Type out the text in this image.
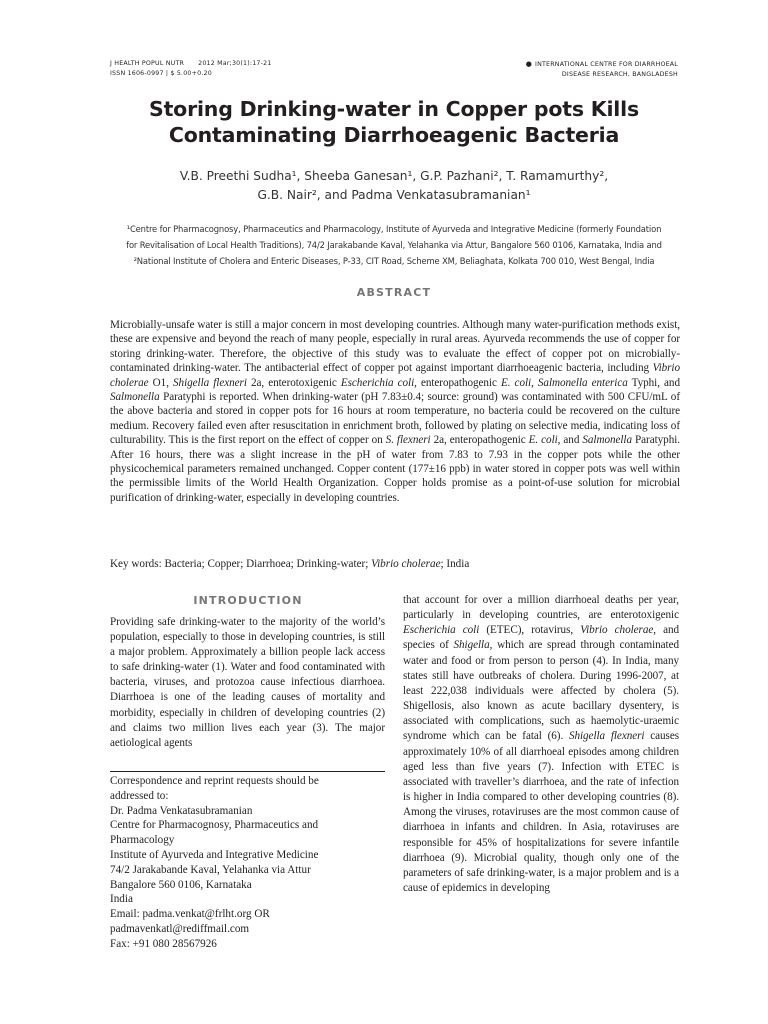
J HEALTH POPUL NUTR 2012 Mar;30(1):17-21
ISSN 1606-0997 | $ 5.00+0.20
● INTERNATIONAL CENTRE FOR DIARRHOEAL
DISEASE RESEARCH, BANGLADESH
Storing Drinking-water in Copper pots Kills
Contaminating Diarrhoeagenic Bacteria
V.B. Preethi Sudha¹, Sheeba Ganesan¹, G.P. Pazhani², T. Ramamurthy²,
G.B. Nair², and Padma Venkatasubramanian¹
¹Centre for Pharmacognosy, Pharmaceutics and Pharmacology, Institute of Ayurveda and Integrative Medicine (formerly Foundation
for Revitalisation of Local Health Traditions), 74/2 Jarakabande Kaval, Yelahanka via Attur, Bangalore 560 0106, Karnataka, India and
²National Institute of Cholera and Enteric Diseases, P-33, CIT Road, Scheme XM, Beliaghata, Kolkata 700 010, West Bengal, India
ABSTRACT

Microbially-unsafe water is still a major concern in most developing countries. Although many water-purification methods exist, these are expensive and beyond the reach of many people, especially in rural areas. Ayurveda recommends the use of copper for storing drinking-water. Therefore, the objective of this study was to evaluate the effect of copper pot on microbially-contaminated drinking-water. The antibacterial effect of copper pot against important diarrhoeagenic bacteria, including Vibrio cholerae O1, Shigella flexneri 2a, enterotoxigenic Escherichia coli, enteropathogenic E. coli, Salmonella enterica Typhi, and Salmonella Paratyphi is reported. When drinking-water (pH 7.83±0.4; source: ground) was contaminated with 500 CFU/mL of the above bacteria and stored in copper pots for 16 hours at room temperature, no bacteria could be recovered on the culture medium. Recovery failed even after resuscitation in enrichment broth, followed by plating on selective media, indicating loss of culturability. This is the first report on the effect of copper on S. flexneri 2a, enteropathogenic E. coli, and Salmonella Paratyphi. After 16 hours, there was a slight increase in the pH of water from 7.83 to 7.93 in the copper pots while the other physicochemical parameters remained unchanged. Copper content (177±16 ppb) in water stored in copper pots was well within the permissible limits of the World Health Organization. Copper holds promise as a point-of-use solution for microbial purification of drinking-water, especially in developing countries.

Key words: Bacteria; Copper; Diarrhoea; Drinking-water; Vibrio cholerae; India
INTRODUCTION

Providing safe drinking-water to the majority of the world’s population, especially to those in developing countries, is still a major problem. Approximately a billion people lack access to safe drinking-water (1). Water and food contaminated with bacteria, viruses, and protozoa cause infectious diarrhoea. Diarrhoea is one of the leading causes of mortality and morbidity, especially in children of developing countries (2) and claims two million lives each year (3). The major aetiological agents

Correspondence and reprint requests should be
addressed to:
Dr. Padma Venkatasubramanian
Centre for Pharmacognosy, Pharmaceutics and
Pharmacology
Institute of Ayurveda and Integrative Medicine
74/2 Jarakabande Kaval, Yelahanka via Attur
Bangalore 560 0106, Karnataka
India
Email: padma.venkat@frlht.org OR
padmavenkatl@rediffmail.com
Fax: +91 080 28567926

that account for over a million diarrhoeal deaths per year, particularly in developing countries, are enterotoxigenic Escherichia coli (ETEC), rotavirus, Vibrio cholerae, and species of Shigella, which are spread through contaminated water and food or from person to person (4). In India, many states still have outbreaks of cholera. During 1996-2007, at least 222,038 individuals were affected by cholera (5). Shigellosis, also known as acute bacillary dysentery, is associated with complications, such as haemolytic-uraemic syndrome which can be fatal (6). Shigella flexneri causes approximately 10% of all diarrhoeal episodes among children aged less than five years (7). Infection with ETEC is associated with traveller’s diarrhoea, and the rate of infection is higher in India compared to other developing countries (8). Among the viruses, rotaviruses are the most common cause of diarrhoea in infants and children. In Asia, rotaviruses are responsible for 45% of hospitalizations for severe infantile diarrhoea (9). Microbial quality, though only one of the parameters of safe drinking-water, is a major problem and is a cause of epidemics in developing
